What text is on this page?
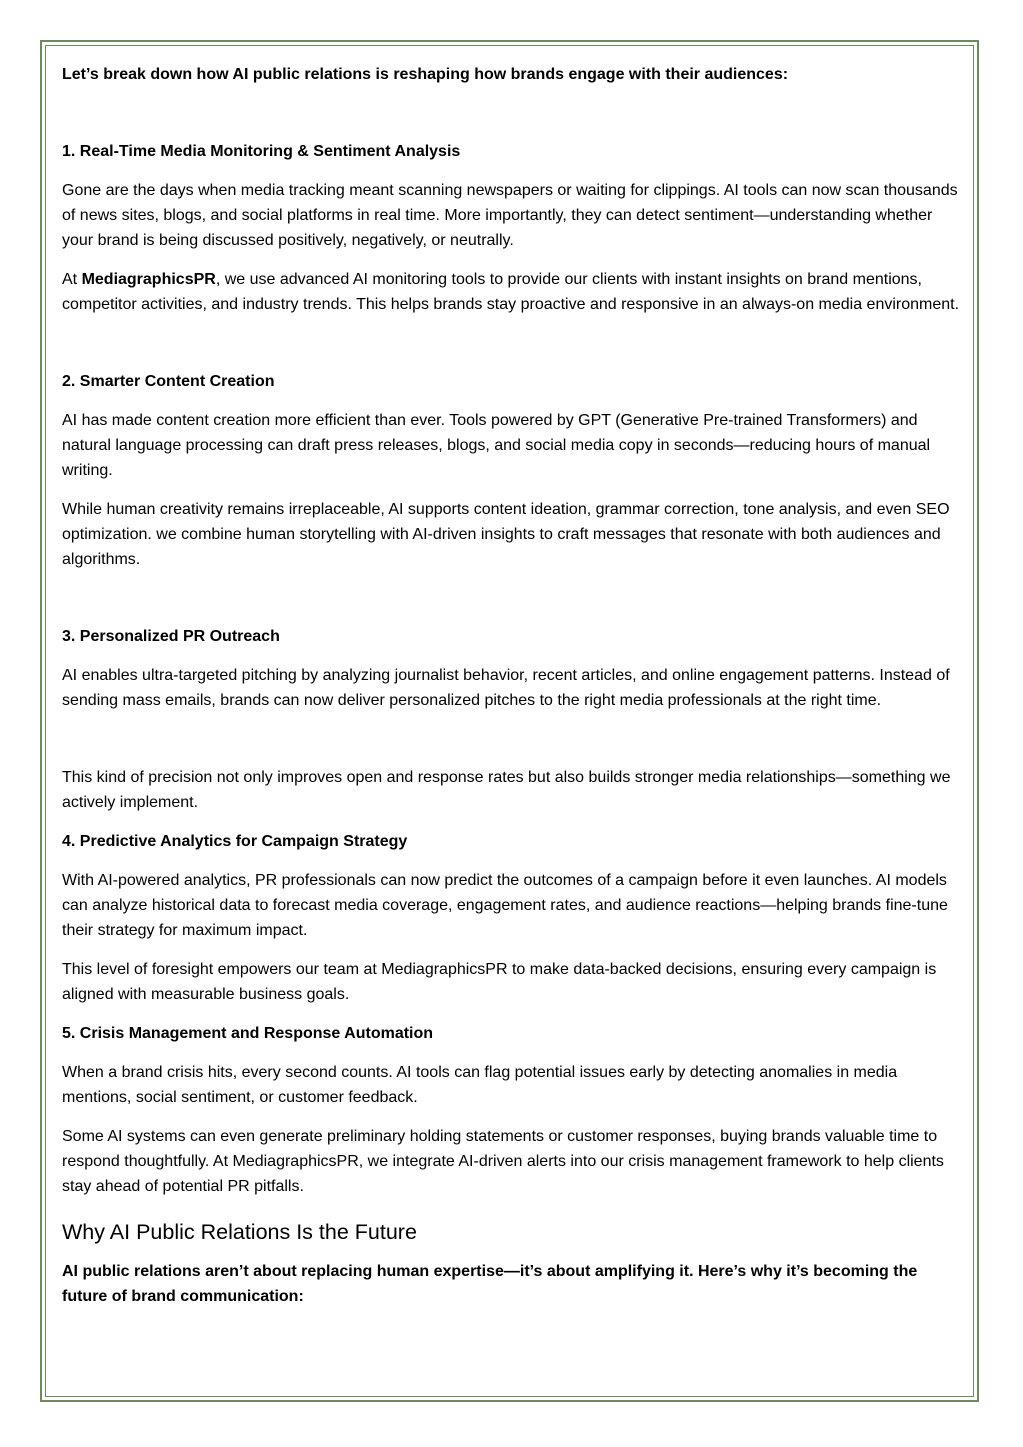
Let’s break down how AI public relations is reshaping how brands engage with their audiences:

1. Real-Time Media Monitoring & Sentiment Analysis

Gone are the days when media tracking meant scanning newspapers or waiting for clippings. AI tools can now scan thousands of news sites, blogs, and social platforms in real time. More importantly, they can detect sentiment—understanding whether your brand is being discussed positively, negatively, or neutrally.

At MediagraphicsPR, we use advanced AI monitoring tools to provide our clients with instant insights on brand mentions, competitor activities, and industry trends. This helps brands stay proactive and responsive in an always-on media environment.

2. Smarter Content Creation

AI has made content creation more efficient than ever. Tools powered by GPT (Generative Pre-trained Transformers) and natural language processing can draft press releases, blogs, and social media copy in seconds—reducing hours of manual writing.

While human creativity remains irreplaceable, AI supports content ideation, grammar correction, tone analysis, and even SEO optimization. we combine human storytelling with AI-driven insights to craft messages that resonate with both audiences and algorithms.

3. Personalized PR Outreach

AI enables ultra-targeted pitching by analyzing journalist behavior, recent articles, and online engagement patterns. Instead of sending mass emails, brands can now deliver personalized pitches to the right media professionals at the right time.

This kind of precision not only improves open and response rates but also builds stronger media relationships—something we actively implement.

4. Predictive Analytics for Campaign Strategy

With AI-powered analytics, PR professionals can now predict the outcomes of a campaign before it even launches. AI models can analyze historical data to forecast media coverage, engagement rates, and audience reactions—helping brands fine-tune their strategy for maximum impact.

This level of foresight empowers our team at MediagraphicsPR to make data-backed decisions, ensuring every campaign is aligned with measurable business goals.

5. Crisis Management and Response Automation

When a brand crisis hits, every second counts. AI tools can flag potential issues early by detecting anomalies in media mentions, social sentiment, or customer feedback.

Some AI systems can even generate preliminary holding statements or customer responses, buying brands valuable time to respond thoughtfully. At MediagraphicsPR, we integrate AI-driven alerts into our crisis management framework to help clients stay ahead of potential PR pitfalls.

Why AI Public Relations Is the Future

AI public relations aren’t about replacing human expertise—it’s about amplifying it. Here’s why it’s becoming the future of brand communication:
